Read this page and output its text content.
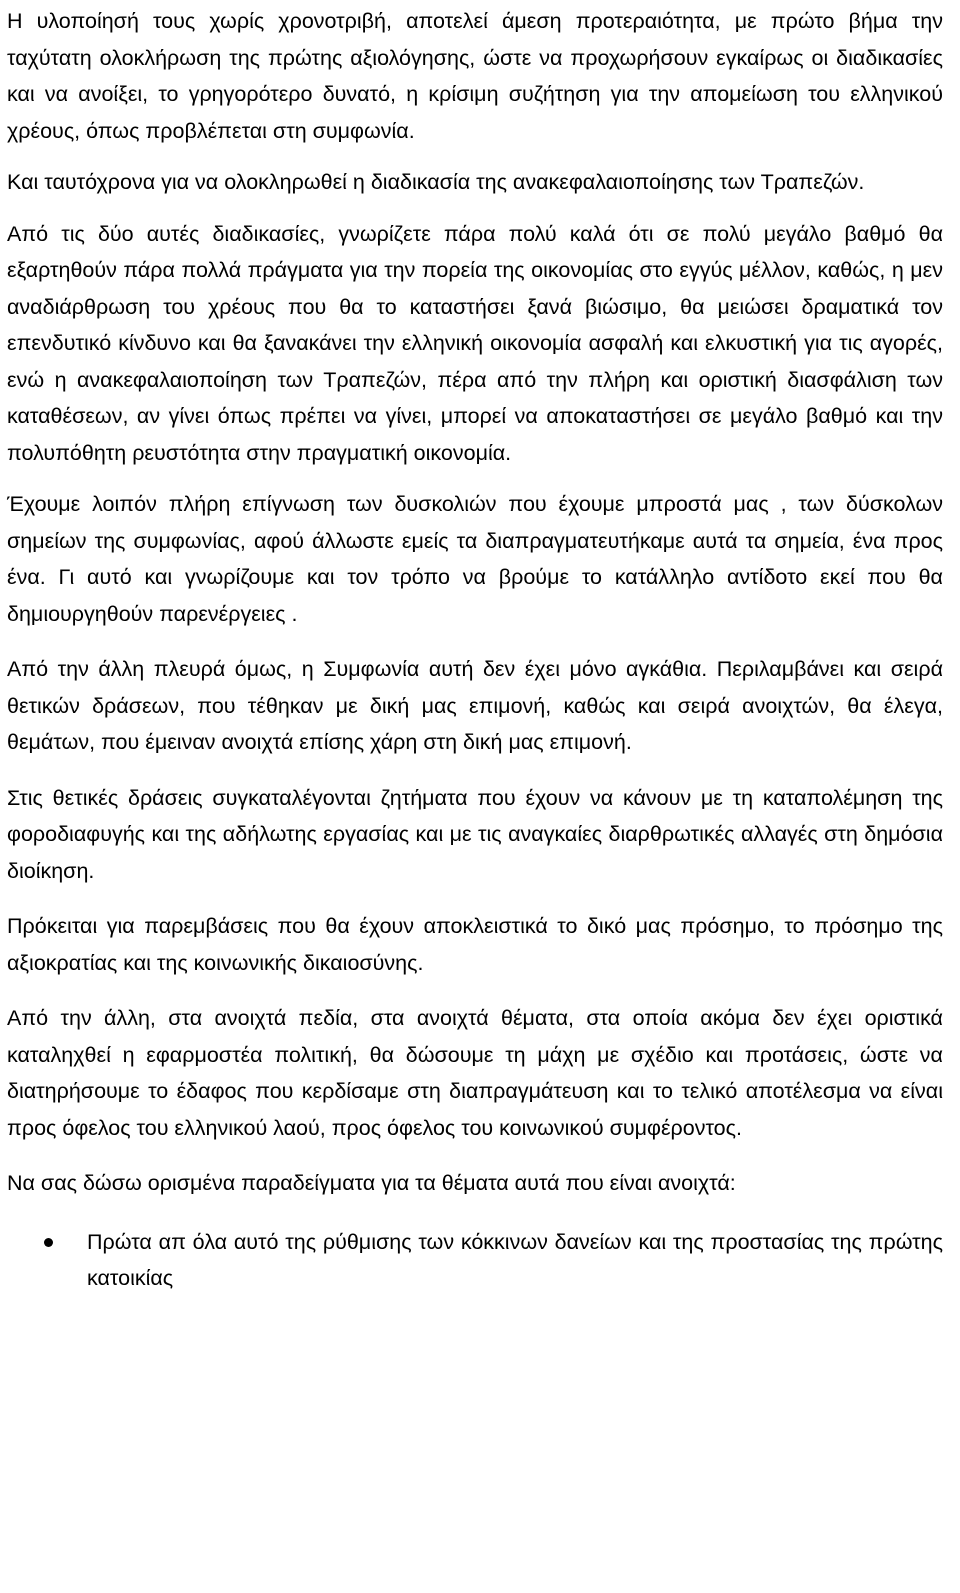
Η υλοποίησή τους χωρίς χρονοτριβή, αποτελεί άμεση προτεραιότητα, με πρώτο βήμα την ταχύτατη ολοκλήρωση της πρώτης αξιολόγησης, ώστε να προχωρήσουν εγκαίρως οι διαδικασίες και να ανοίξει, το γρηγορότερο δυνατό, η κρίσιμη συζήτηση για την απομείωση του ελληνικού χρέους, όπως προβλέπεται στη συμφωνία.

Και ταυτόχρονα για να ολοκληρωθεί η διαδικασία της ανακεφαλαιοποίησης των Τραπεζών.

Από τις δύο αυτές διαδικασίες, γνωρίζετε πάρα πολύ καλά ότι σε πολύ μεγάλο βαθμό θα εξαρτηθούν πάρα πολλά πράγματα για την πορεία της οικονομίας στο εγγύς μέλλον, καθώς, η μεν αναδιάρθρωση του χρέους που θα το καταστήσει ξανά βιώσιμο, θα μειώσει δραματικά τον επενδυτικό κίνδυνο και θα ξανακάνει την ελληνική οικονομία ασφαλή και ελκυστική για τις αγορές, ενώ η ανακεφαλαιοποίηση των Τραπεζών, πέρα από την πλήρη και οριστική διασφάλιση των καταθέσεων, αν γίνει όπως πρέπει να γίνει, μπορεί να αποκαταστήσει σε μεγάλο βαθμό και την πολυπόθητη ρευστότητα στην πραγματική οικονομία.

Έχουμε λοιπόν πλήρη επίγνωση των δυσκολιών που έχουμε μπροστά μας , των δύσκολων σημείων της συμφωνίας, αφού άλλωστε εμείς τα διαπραγματευτήκαμε αυτά τα σημεία, ένα προς ένα. Γι αυτό και γνωρίζουμε και τον τρόπο να βρούμε το κατάλληλο αντίδοτο εκεί που θα δημιουργηθούν παρενέργειες .

Από την άλλη πλευρά όμως, η Συμφωνία αυτή δεν έχει μόνο αγκάθια. Περιλαμβάνει και σειρά θετικών δράσεων, που τέθηκαν με δική μας επιμονή, καθώς και σειρά ανοιχτών, θα έλεγα, θεμάτων, που έμειναν ανοιχτά επίσης χάρη στη δική μας επιμονή.

Στις θετικές δράσεις συγκαταλέγονται ζητήματα που έχουν να κάνουν με τη καταπολέμηση της φοροδιαφυγής και της αδήλωτης εργασίας και με τις αναγκαίες διαρθρωτικές αλλαγές στη δημόσια διοίκηση.

Πρόκειται για παρεμβάσεις που θα έχουν αποκλειστικά το δικό μας πρόσημο, το πρόσημο της αξιοκρατίας και της κοινωνικής δικαιοσύνης.

Από την άλλη, στα ανοιχτά πεδία, στα ανοιχτά θέματα, στα οποία ακόμα δεν έχει οριστικά καταληχθεί η εφαρμοστέα πολιτική, θα δώσουμε τη μάχη με σχέδιο και προτάσεις, ώστε να διατηρήσουμε το έδαφος που κερδίσαμε στη διαπραγμάτευση και το τελικό αποτέλεσμα να είναι προς όφελος του ελληνικού λαού, προς όφελος του κοινωνικού συμφέροντος.

Να σας δώσω ορισμένα παραδείγματα για τα θέματα αυτά που είναι ανοιχτά:

Πρώτα απ όλα αυτό της ρύθμισης των κόκκινων δανείων και της προστασίας της πρώτης κατοικίας
